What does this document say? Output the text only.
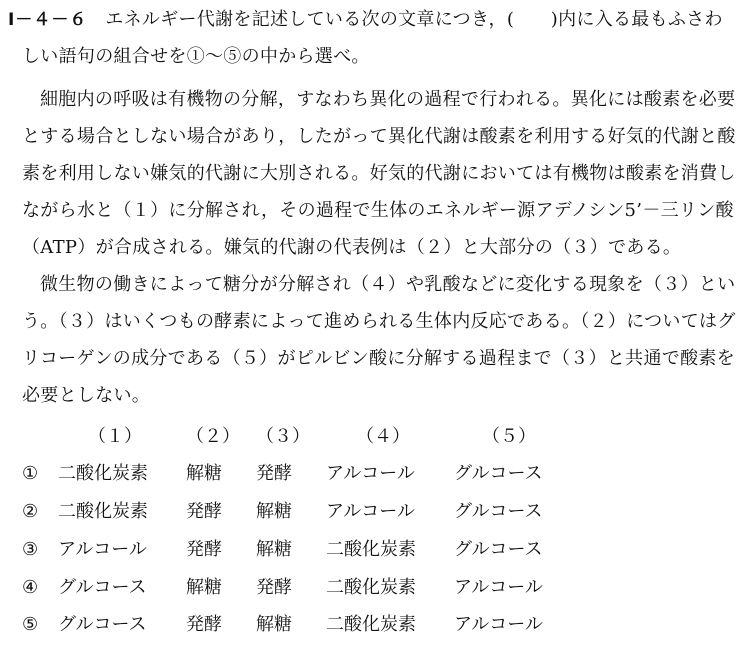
Ⅰ－４－６ エネルギー代謝を記述している次の文章につき，(　　)内に入る最もふさわ
しい語句の組合せを①～⑤の中から選べ。
細胞内の呼吸は有機物の分解，すなわち異化の過程で行われる。異化には酸素を必要
とする場合としない場合があり，したがって異化代謝は酸素を利用する好気的代謝と酸
素を利用しない嫌気的代謝に大別される。好気的代謝においては有機物は酸素を消費し
ながら水と（１）に分解され，その過程で生体のエネルギー源アデノシン5’－三リン酸
（ATP）が合成される。嫌気的代謝の代表例は（２）と大部分の（３）である。
微生物の働きによって糖分が分解され（４）や乳酸などに変化する現象を（３）とい
う。（３）はいくつもの酵素によって進められる生体内反応である。（２）についてはグ
リコーゲンの成分である（５）がピルビン酸に分解する過程まで（３）と共通で酸素を
必要としない。
（１） （２） （３）	（４）	（５）
① 二酸化炭素 解糖 発酵 アルコール グルコース
② 二酸化炭素 発酵 解糖 アルコール グルコース
③ アルコール 発酵 解糖 二酸化炭素 グルコース
④ グルコース 解糖 発酵 二酸化炭素 アルコール
⑤ グルコース 発酵 解糖 二酸化炭素 アルコール
